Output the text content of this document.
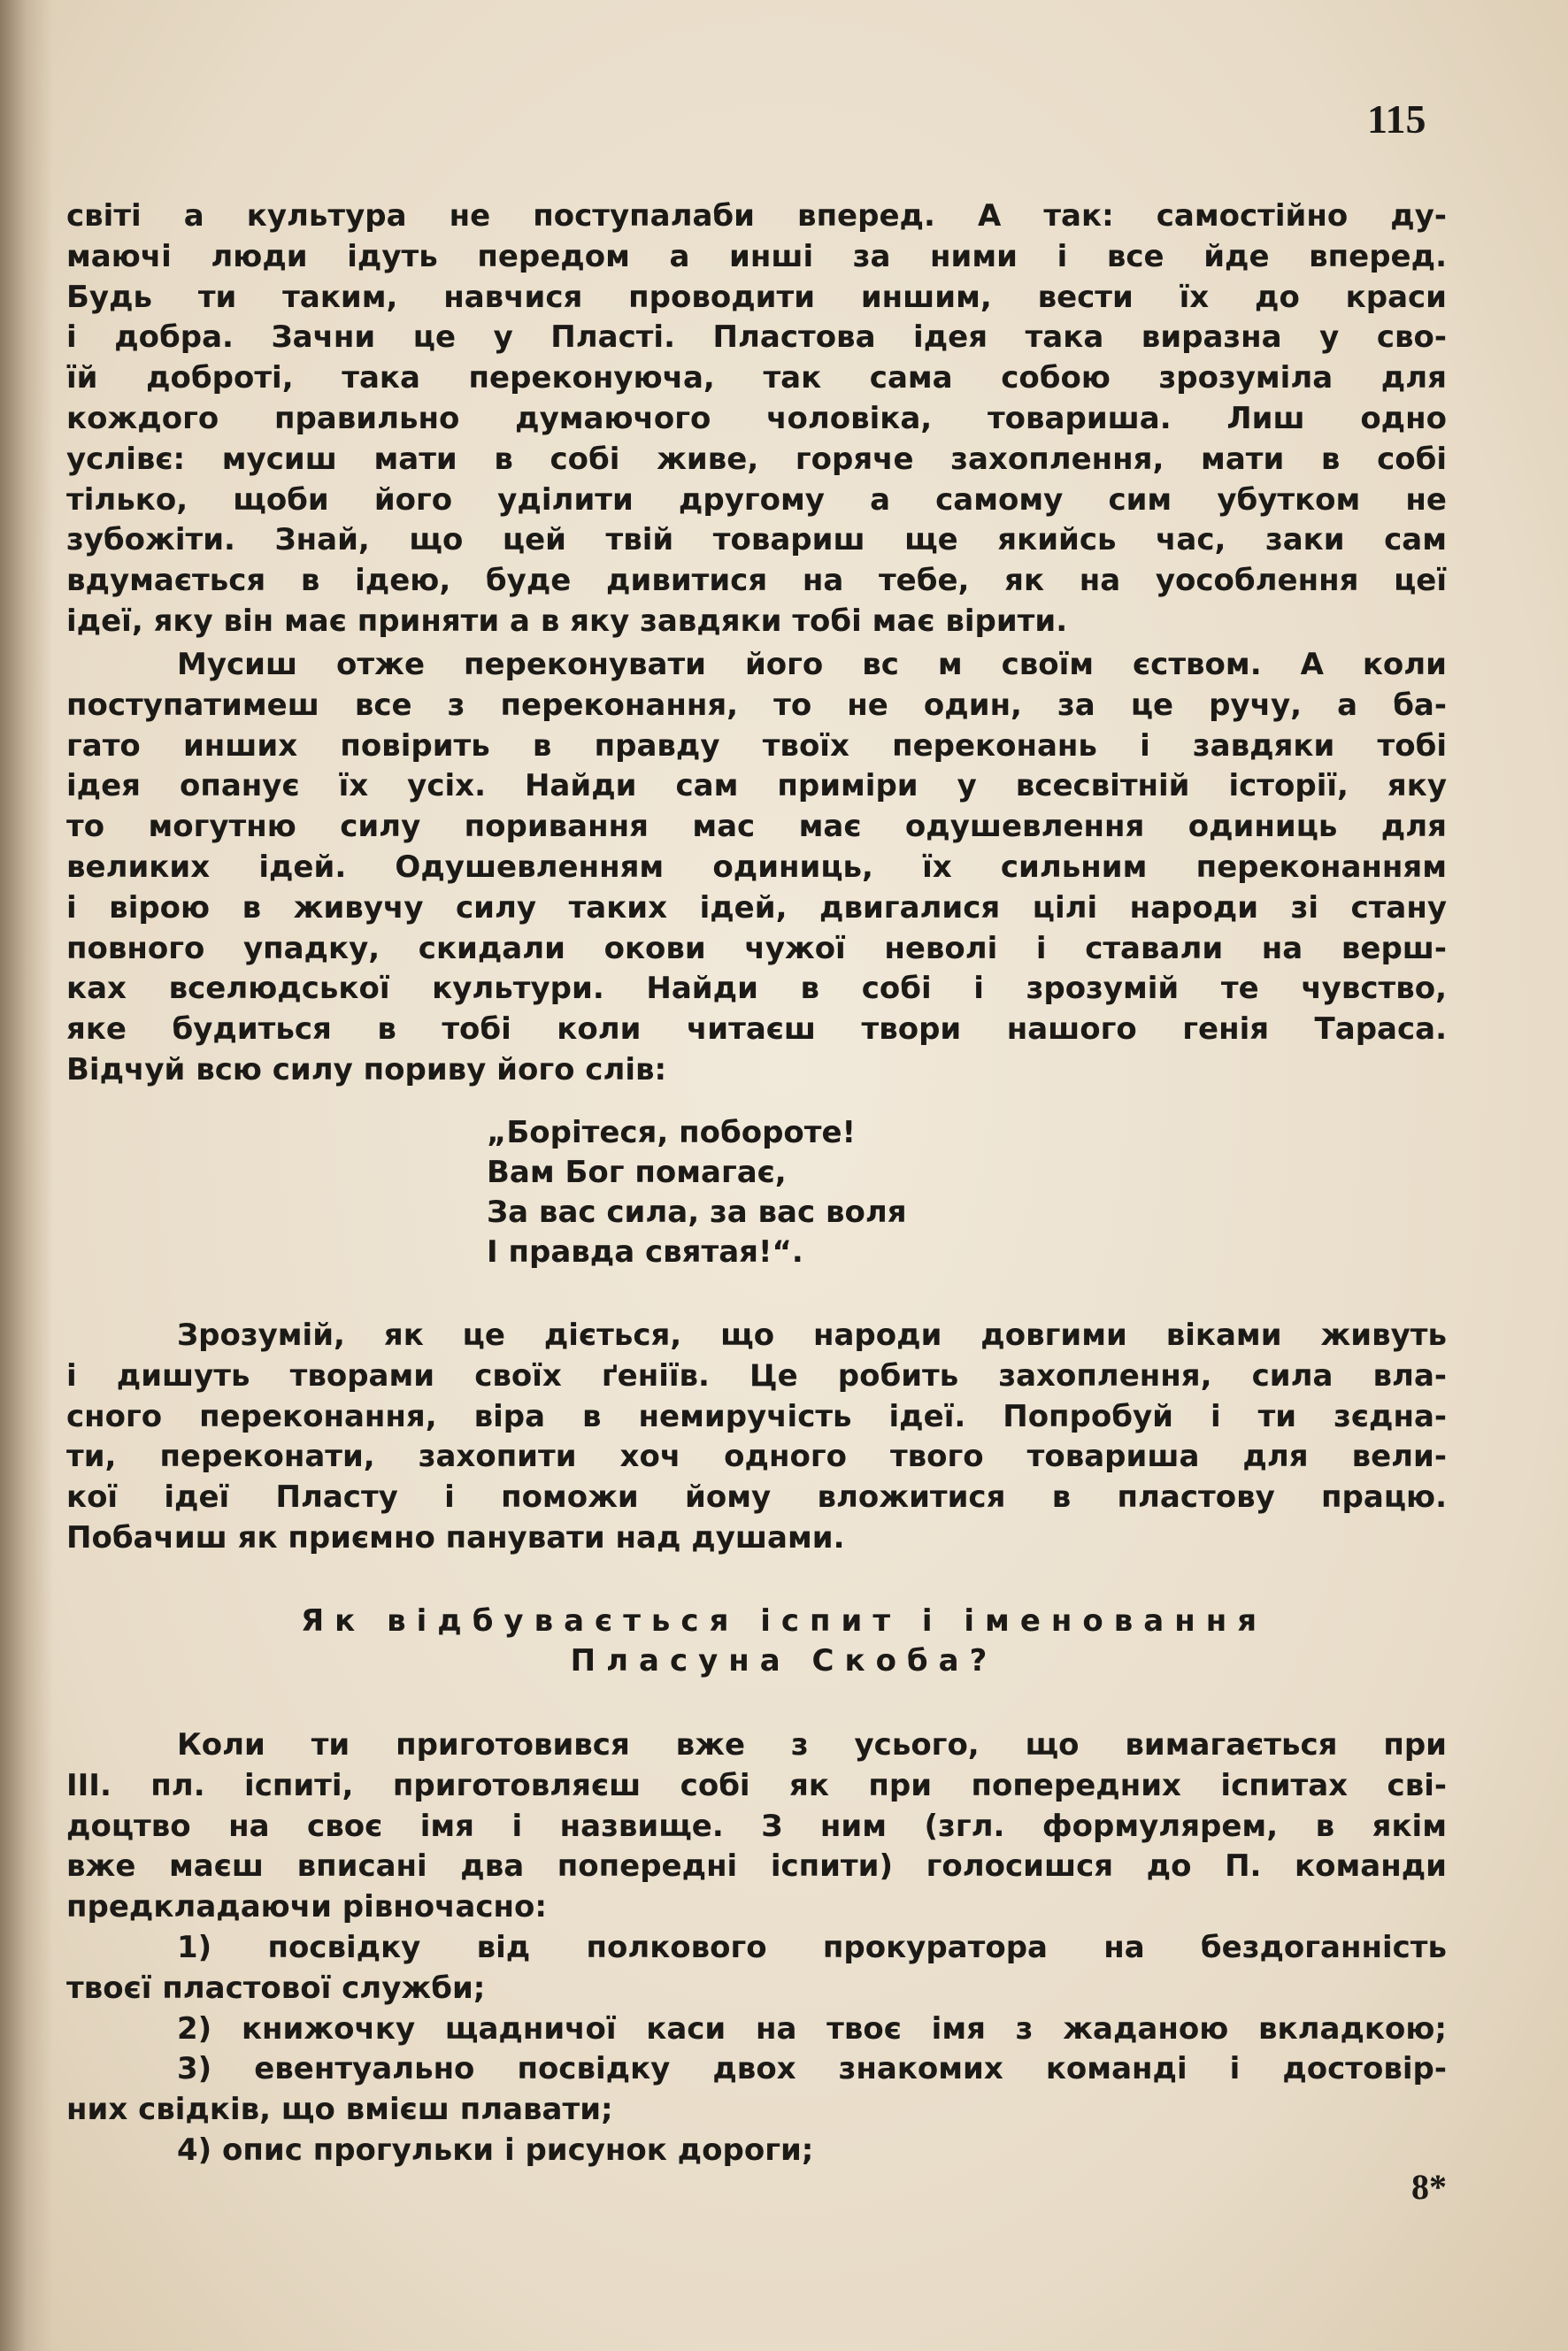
115
світі а культура не поступалаби вперед. А так: самостійно ду-
маючі люди ідуть передом а инші за ними і все йде вперед.
Будь ти таким, навчися проводити иншим, вести їх до краси
і добра. Зачни це у Пласті. Пластова ідея така виразна у сво-
їй доброті, така переконуюча, так сама собою зрозуміла для
кождого правильно думаючого чоловіка, товариша. Лиш одно
услівє: мусиш мати в собі живе, горяче захоплення, мати в собі
тілько, щоби його уділити другому а самому сим убутком не
зубожіти. Знай, що цей твій товариш ще якийсь час, заки сам
вдумається в ідею, буде дивитися на тебе, як на уособлення цеї
ідеї, яку він має приняти а в яку завдяки тобі має вірити.
Мусиш отже переконувати його вс м своїм єством. А коли
поступатимеш все з переконання, то не один, за це ручу, а ба-
гато инших повірить в правду твоїх переконань і завдяки тобі
ідея опанує їх усіх. Найди сам приміри у всесвітній історії, яку
то могутню силу поривання мас має одушевлення одиниць для
великих ідей. Одушевленням одиниць, їх сильним переконанням
і вірою в живучу силу таких ідей, двигалися цілі народи зі стану
повного упадку, скидали окови чужої неволі і ставали на верш-
ках вселюдської культури. Найди в собі і зрозумій те чувство,
яке будиться в тобі коли читаєш твори нашого генія Тараса.
Відчуй всю силу пориву його слів:
„Борітеся, поборотe!
Вам Бог помагає,
За вас сила, за вас воля
І правда святая!“.
Зрозумій, як це діється, що народи довгими віками живуть
і дишуть творами своїх ґеніїв. Це робить захоплення, сила вла-
сного переконання, віра в немиручість ідеї. Попробуй і ти зєдна-
ти, переконати, захопити хоч одного твого товариша для вели-
кої ідеї Пласту і поможи йому вложитися в пластову працю.
Побачиш як приємно панувати над душами.
Як відбувається іспит і іменовання
Пласуна Скоба?
Коли ти приготовився вже з усього, що вимагається при
III. пл. іспиті, приготовляєш собі як при попередних іспитах сві-
доцтво на своє імя і назвище. З ним (згл. формулярем, в якім
вже маєш вписані два попередні іспити) голосишся до П. команди
предкладаючи рівночасно:
1) посвідку від полкового прокуратора на бездоганність
твоєї пластової служби;
2) книжочку щадничої каси на твоє імя з жаданою вкладкою;
3) евентуально посвідку двох знакомих команді і достовір-
них свідків, що вмієш плавати;
4) опис прогульки і рисунок дороги;
8*
